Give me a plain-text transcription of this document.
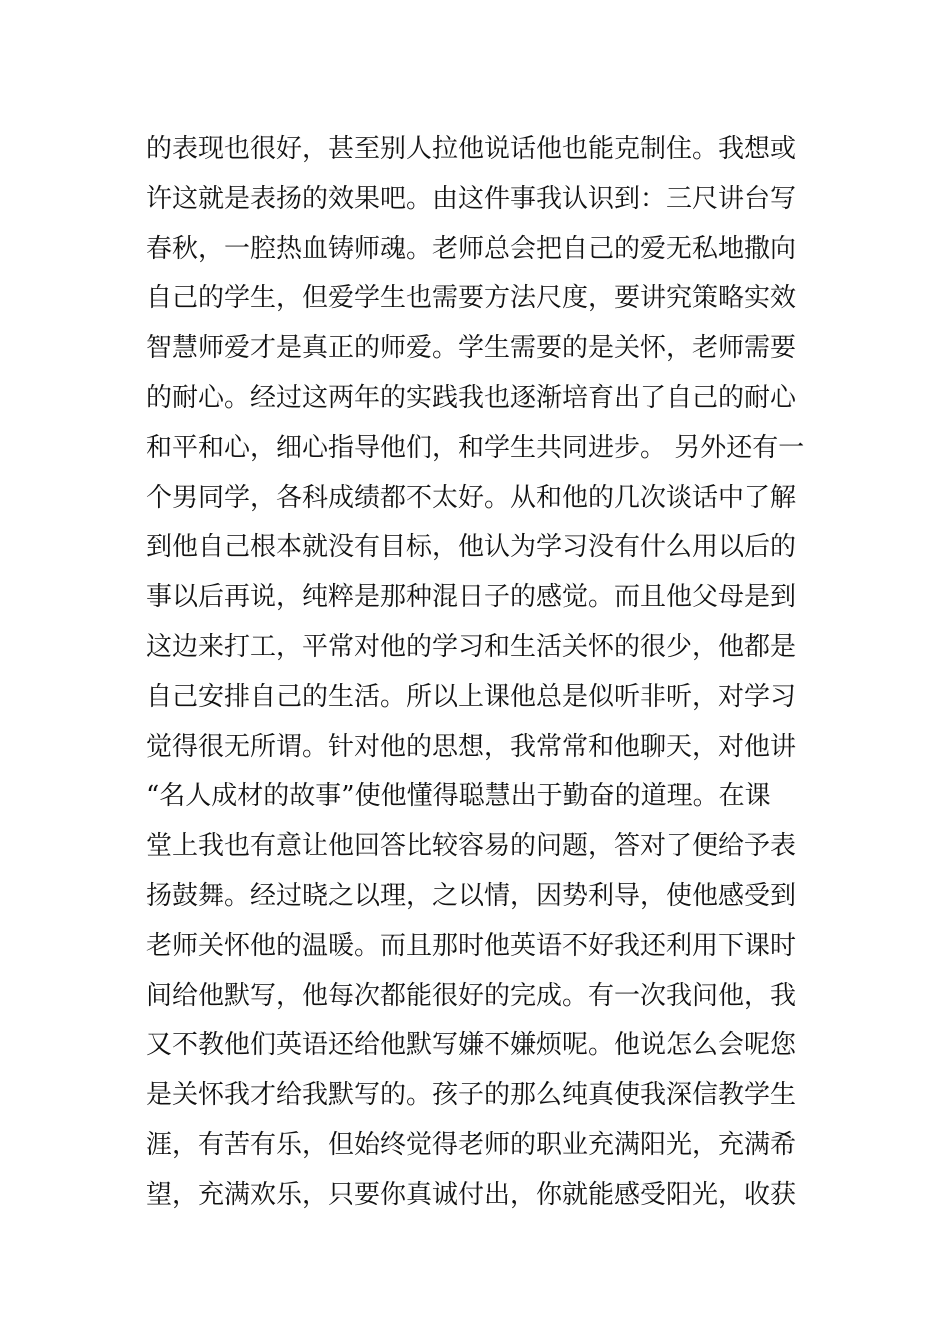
的表现也很好，甚至别人拉他说话他也能克制住。我想或
许这就是表扬的效果吧。由这件事我认识到：三尺讲台写
春秋，一腔热血铸师魂。老师总会把自己的爱无私地撒向
自己的学生，但爱学生也需要方法尺度，要讲究策略实效
智慧师爱才是真正的师爱。学生需要的是关怀，老师需要
的耐心。经过这两年的实践我也逐渐培育出了自己的耐心
和平和心，细心指导他们，和学生共同进步。 另外还有一
个男同学，各科成绩都不太好。从和他的几次谈话中了解
到他自己根本就没有目标，他认为学习没有什么用以后的
事以后再说，纯粹是那种混日子的感觉。而且他父母是到
这边来打工，平常对他的学习和生活关怀的很少，他都是
自己安排自己的生活。所以上课他总是似听非听，对学习
觉得很无所谓。针对他的思想，我常常和他聊天，对他讲
“名人成材的故事”使他懂得聪慧出于勤奋的道理。在课
堂上我也有意让他回答比较容易的问题，答对了便给予表
扬鼓舞。经过晓之以理，之以情，因势利导，使他感受到
老师关怀他的温暖。而且那时他英语不好我还利用下课时
间给他默写，他每次都能很好的完成。有一次我问他，我
又不教他们英语还给他默写嫌不嫌烦呢。他说怎么会呢您
是关怀我才给我默写的。孩子的那么纯真使我深信教学生
涯，有苦有乐，但始终觉得老师的职业充满阳光，充满希
望，充满欢乐，只要你真诚付出，你就能感受阳光，收获
